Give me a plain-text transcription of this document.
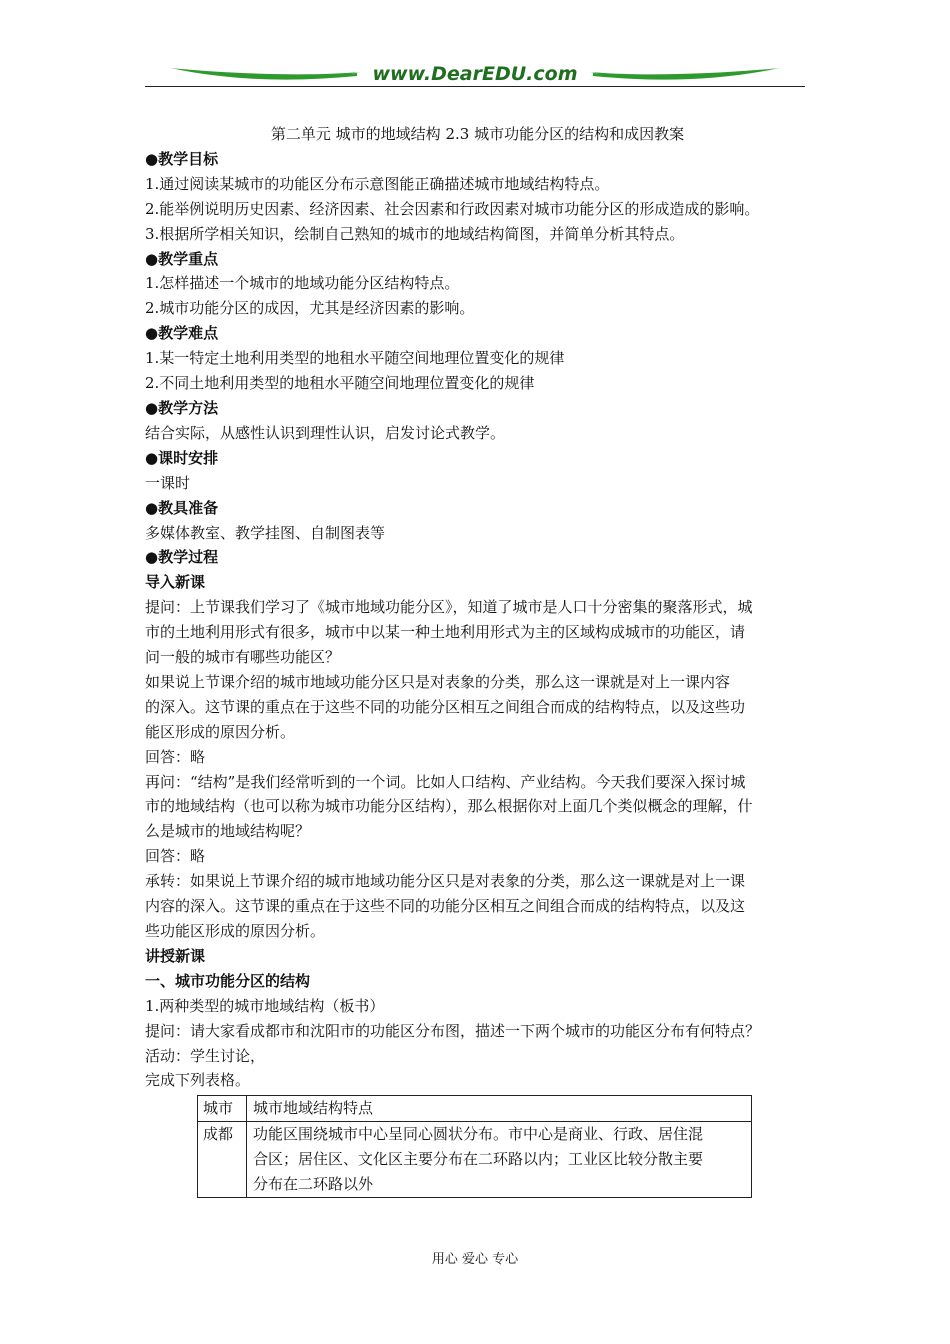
www.DearEDU.com
第二单元 城市的地域结构 2.3 城市功能分区的结构和成因教案
●教学目标
1.通过阅读某城市的功能区分布示意图能正确描述城市地域结构特点。
2.能举例说明历史因素、经济因素、社会因素和行政因素对城市功能分区的形成造成的影响。
3.根据所学相关知识，绘制自己熟知的城市的地域结构简图，并简单分析其特点。
●教学重点
1.怎样描述一个城市的地域功能分区结构特点。
2.城市功能分区的成因，尤其是经济因素的影响。
●教学难点
1.某一特定土地利用类型的地租水平随空间地理位置变化的规律
2.不同土地利用类型的地租水平随空间地理位置变化的规律
●教学方法
结合实际，从感性认识到理性认识，启发讨论式教学。
●课时安排
一课时
●教具准备
多媒体教室、教学挂图、自制图表等
●教学过程
导入新课
提问：上节课我们学习了《城市地域功能分区》，知道了城市是人口十分密集的聚落形式，城
市的土地利用形式有很多，城市中以某一种土地利用形式为主的区域构成城市的功能区，请
问一般的城市有哪些功能区？
如果说上节课介绍的城市地域功能分区只是对表象的分类，那么这一课就是对上一课内容
的深入。这节课的重点在于这些不同的功能分区相互之间组合而成的结构特点，以及这些功
能区形成的原因分析。
回答：略
再问：“结构”是我们经常听到的一个词。比如人口结构、产业结构。今天我们要深入探讨城
市的地域结构（也可以称为城市功能分区结构），那么根据你对上面几个类似概念的理解，什
么是城市的地域结构呢？
回答：略
承转：如果说上节课介绍的城市地域功能分区只是对表象的分类，那么这一课就是对上一课
内容的深入。这节课的重点在于这些不同的功能分区相互之间组合而成的结构特点，以及这
些功能区形成的原因分析。
讲授新课
一、城市功能分区的结构
1.两种类型的城市地域结构（板书）
提问：请大家看成都市和沈阳市的功能区分布图，描述一下两个城市的功能区分布有何特点？
活动：学生讨论，
完成下列表格。
城市	城市地域结构特点
成都	功能区围绕城市中心呈同心圆状分布。市中心是商业、行政、居住混
合区；居住区、文化区主要分布在二环路以内；工业区比较分散主要
分布在二环路以外
用心 爱心 专心
